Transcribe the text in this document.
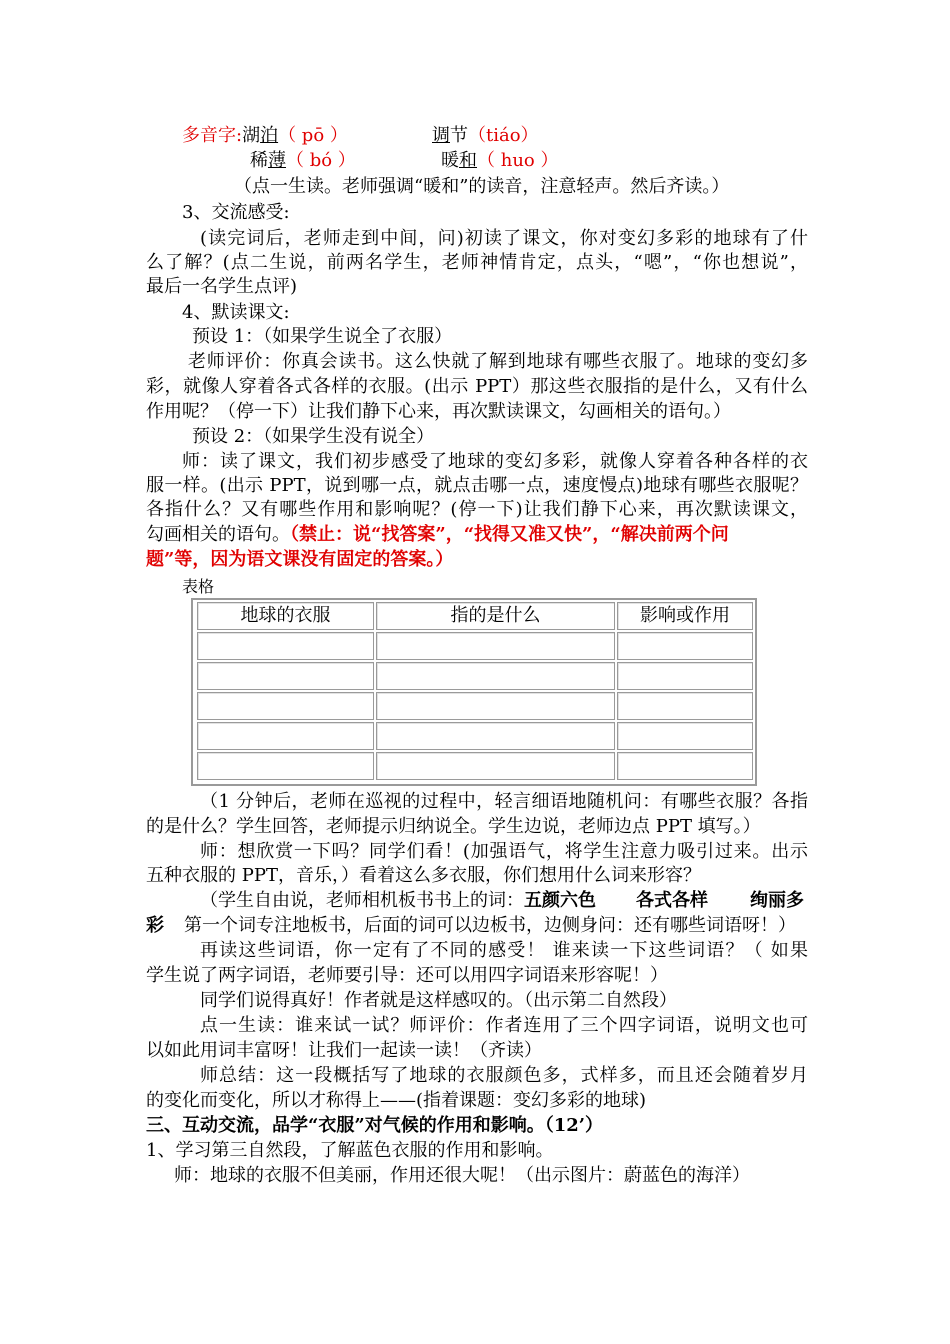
多音字:湖泊（ pō ）	调节（tiáo）
稀薄（ bó ）	暖和（ huo ）
（点一生读。老师强调“暖和”的读音，注意轻声。然后齐读。）
3、交流感受:
(读完词后，老师走到中间，问)初读了课文，你对变幻多彩的地球有了什
么了解？(点二生说，前两名学生，老师神情肯定，点头，“嗯”，“你也想说”，
最后一名学生点评)
4、默读课文:
预设 1：（如果学生说全了衣服）
老师评价：你真会读书。这么快就了解到地球有哪些衣服了。地球的变幻多
彩，就像人穿着各式各样的衣服。(出示 PPT）那这些衣服指的是什么，又有什么
作用呢？（停一下）让我们静下心来，再次默读课文，勾画相关的语句。）
预设 2：（如果学生没有说全）
师：读了课文，我们初步感受了地球的变幻多彩，就像人穿着各种各样的衣
服一样。(出示 PPT，说到哪一点，就点击哪一点，速度慢点)地球有哪些衣服呢？
各指什么？又有哪些作用和影响呢？(停一下)让我们静下心来，再次默读课文，
勾画相关的语句。（禁止：说“找答案”，“找得又准又快”，“解决前两个问
题”等，因为语文课没有固定的答案。）
表格
地球的衣服	指的是什么	影响或作用
（1 分钟后，老师在巡视的过程中，轻言细语地随机问：有哪些衣服？各指
的是什么？学生回答，老师提示归纳说全。学生边说，老师边点 PPT 填写。）
师：想欣赏一下吗？同学们看！(加强语气，将学生注意力吸引过来。出示
五种衣服的 PPT，音乐，）看着这么多衣服，你们想用什么词来形容？
（学生自由说，老师相机板书书上的词：五颜六色 各式各样 绚丽多
彩 第一个词专注地板书，后面的词可以边板书，边侧身问：还有哪些词语呀！）
再读这些词语，你一定有了不同的感受！ 谁来读一下这些词语？（ 如果
学生说了两字词语，老师要引导：还可以用四字词语来形容呢！）
同学们说得真好！作者就是这样感叹的。（出示第二自然段）
点一生读：谁来试一试？师评价：作者连用了三个四字词语，说明文也可
以如此用词丰富呀！让我们一起读一读！（齐读）
师总结：这一段概括写了地球的衣服颜色多，式样多，而且还会随着岁月
的变化而变化，所以才称得上——(指着课题：变幻多彩的地球)
三、互动交流，品学“衣服”对气候的作用和影响。（12’）
1、学习第三自然段，了解蓝色衣服的作用和影响。
师：地球的衣服不但美丽，作用还很大呢！（出示图片：蔚蓝色的海洋）
